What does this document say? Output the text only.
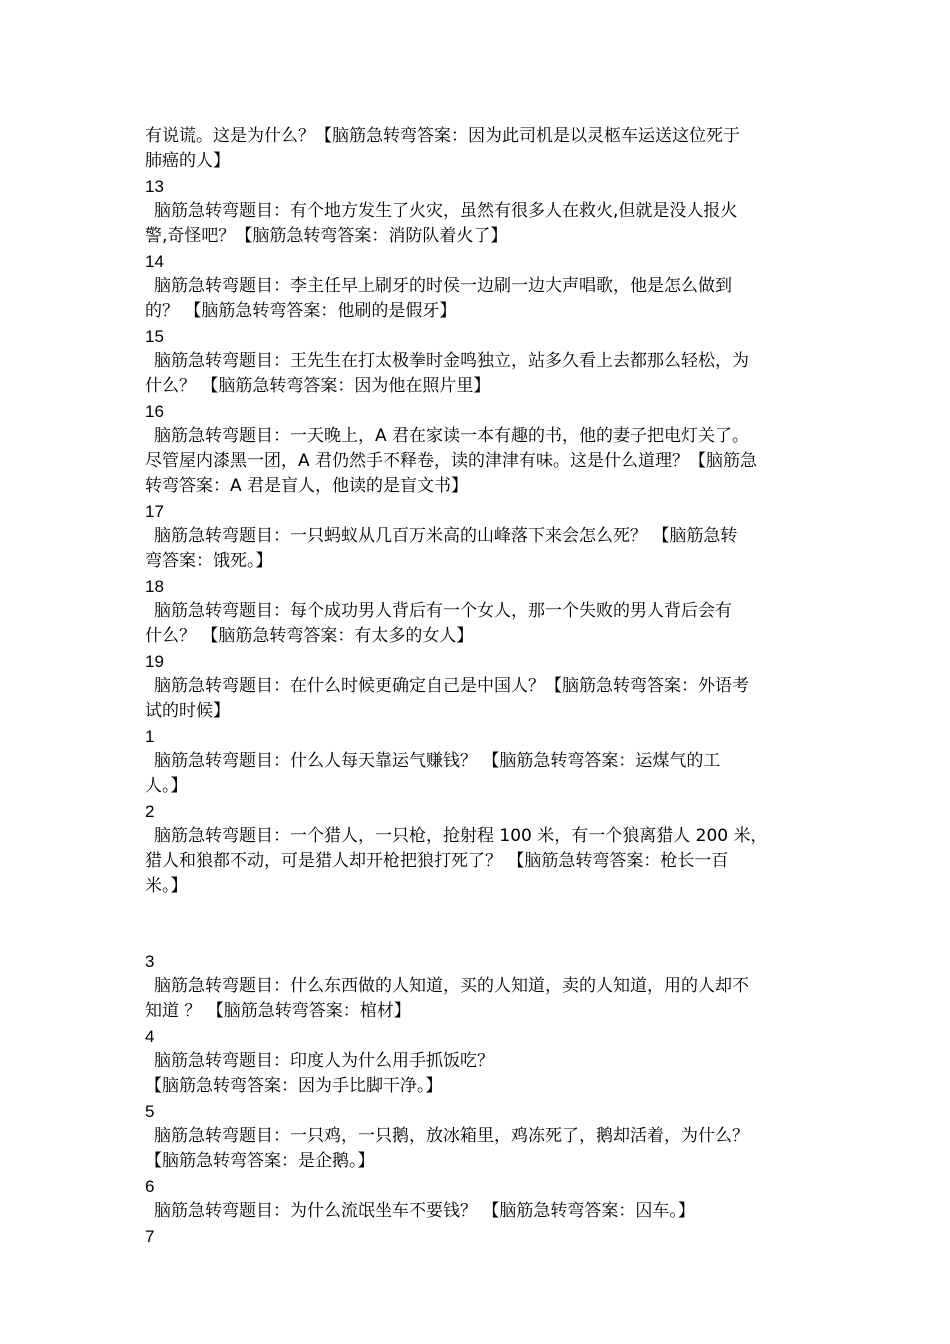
有说谎。这是为什么？【脑筋急转弯答案：因为此司机是以灵柩车运送这位死于
肺癌的人】
13
脑筋急转弯题目：有个地方发生了火灾，虽然有很多人在救火,但就是没人报火
警,奇怪吧？【脑筋急转弯答案：消防队着火了】
14
脑筋急转弯题目：李主任早上刷牙的时侯一边刷一边大声唱歌，他是怎么做到
的？ 【脑筋急转弯答案：他刷的是假牙】
15
脑筋急转弯题目：王先生在打太极拳时金鸣独立，站多久看上去都那么轻松，为
什么？ 【脑筋急转弯答案：因为他在照片里】
16
脑筋急转弯题目：一天晚上，A 君在家读一本有趣的书，他的妻子把电灯关了。
尽管屋内漆黑一团，A 君仍然手不释卷，读的津津有味。这是什么道理？【脑筋急
转弯答案：A 君是盲人，他读的是盲文书】
17
脑筋急转弯题目：一只蚂蚁从几百万米高的山峰落下来会怎么死？ 【脑筋急转
弯答案：饿死。】
18
脑筋急转弯题目：每个成功男人背后有一个女人，那一个失败的男人背后会有
什么？ 【脑筋急转弯答案：有太多的女人】
19
脑筋急转弯题目：在什么时候更确定自己是中国人？【脑筋急转弯答案：外语考
试的时候】
1
脑筋急转弯题目：什么人每天靠运气赚钱？ 【脑筋急转弯答案：运煤气的工
人。】
2
脑筋急转弯题目：一个猎人，一只枪，抢射程 100 米，有一个狼离猎人 200 米，
猎人和狼都不动，可是猎人却开枪把狼打死了？ 【脑筋急转弯答案：枪长一百
米。】
3
脑筋急转弯题目：什么东西做的人知道，买的人知道，卖的人知道，用的人却不
知道 ？ 【脑筋急转弯答案：棺材】
4
脑筋急转弯题目：印度人为什么用手抓饭吃？
【脑筋急转弯答案：因为手比脚干净。】
5
脑筋急转弯题目：一只鸡，一只鹅，放冰箱里，鸡冻死了，鹅却活着，为什么？
【脑筋急转弯答案：是企鹅。】
6
脑筋急转弯题目：为什么流氓坐车不要钱？ 【脑筋急转弯答案：囚车。】
7
